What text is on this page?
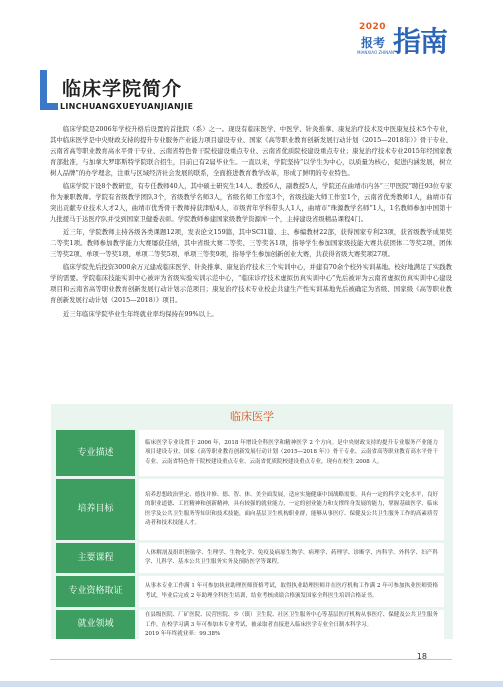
2020
报考 指南
MIANXIAO ZHINAN
临床学院简介
LINCHUANGXUEYUANJIANJIE

临床学院是2006年学校升格后设置的首批院（系）之一。现设有临床医学、中医学、针灸推拿、康复治疗技术及中医康复技术5个专业，其中临床医学是中央财政支持的提升专业服务产业能力项目建设专业、国家《高等职业教育创新发展行动计划（2015—2018年）》骨干专业、云南省高等职业教育高水平骨干专业、云南省特色骨干院校建设重点专业、云南省优质院校建设重点专业；康复治疗技术专业2015年经国家教育部批准，与加拿大罗耶斯特学院联合招生，目前已有2届毕业生。一直以来，学院坚持“以学生为中心，以质量为核心，促进内涵发展，树立树人品牌”的办学理念，注重与区域经济社会发展的联系，全面推进教育教学改革，形成了鲜明的专业特色。

临床学院下设8个教研室，有专任教师40人，其中硕士研究生14人、教授6人，副教授5人，学院还在曲靖市内各“三甲医院”聘任93位专家作为兼职教师。学院有省级教学团队3个，省级教学名师3人，省级名师工作室3个，省级技能大师工作室1个，云南省优秀教师1人，曲靖市有突出贡献专业技术人才2人，曲靖市优秀骨干教师持获津贴4人，市级青年学科带头人1人，曲靖市“珠源教学名师”1人，1名教师参加中国第十九批援马于达医疗队并受到国家卫健委表彰。学院教师参建国家级教学资源库一个，主持建设省级精品课程4门。

近三年，学院教师主持各级各类课题12项，发表论文159篇，其中SCI1篇、主、参编教材22部，获得国家专利23项，获省级教学成果奖二等奖1项。教师参加教学能力大赛屡获佳绩，其中省级大赛二等奖、三等奖各1项，指导学生参加国家级技能大赛共获团体二等奖2项、团体三等奖2项、单项一等奖1项、单项二等奖5项、单项三等奖9项，指导学生参加创新创业大赛，共获得省级大赛奖项27项。

临床学院先后投资3000余万元建成临床医学、针灸推拿、康复治疗技术三个实训中心，并建有70余个校外实训基地。校好地满足了实践教学的需要。学院临床技能实训中心被评为省级实验实训示范中心，“临床诊疗技术虚拟仿真实训中心”先后被评为云南省虚拟仿真实训中心建设项目和云南省高等职业教育创新发展行动计划示范项目；康复治疗技术专业校企共建生产性实训基地先后被确定为省级、国家级《高等职业教育创新发展行动计划（2015—2018）》项目。

近三年临床学院毕业生年终就业率均保持在99%以上。

临床医学
专业描述
临床医学专业设置于 2006 年，2018 年增设全科医学和精神医学 2 个方向。是中央财政支持的提升专业服务产业能力项目建设专业、国家《高等职业教育创新发展行动计划（2015—2018 年）》骨干专业、云南省高等职业教育高水平骨干专业、云南省特色骨干院校建设重点专业、云南省优质院校建设重点专业，现有在校生 2008 人。
培养目标
培养思想政治坚定、德技并修、德、智、体、美全面发展，适应实施健康中国战略需要，具有一定的科学文化水平，良好的职业道德、工匠精神和创新精神，具有较强的就业能力、一定的创业能力和支撑终身发展的能力，掌握基础医学、临床医学及公共卫生服务等知识和技术技能，面向基层卫生机构职业群，能够从事医疗、保健及公共卫生服务工作的高素质劳动者和技术技能人才。
主要课程	人体解剖及组织胚胎学、生理学、生物化学、免疫及病原生物学、病理学、药理学、诊断学、内科学、外科学、妇产科学、儿科学、基本公共卫生服务实务及预防医学等课程。
专业资格取证	从事本专业工作满 1 年可参加执业助理医师资格考试，取得执业助理医师并在医疗机构工作满 2 年可参加执业医师资格考试，毕业后完成 2 年助理全科医生培训，结业考核成绩合格颁发国家全科医生培训合格证书。
就业领域
在县级医院、厂矿医院、民营医院、乡（镇）卫生院、社区卫生服务中心等基层医疗机构从事医疗、保健及公共卫生服务工作，在校学习满 3 年可参加本专业考试，被录取者直接进入临床医学专业全日制本科学习。
2019 年年终就业率：99.38%
18
